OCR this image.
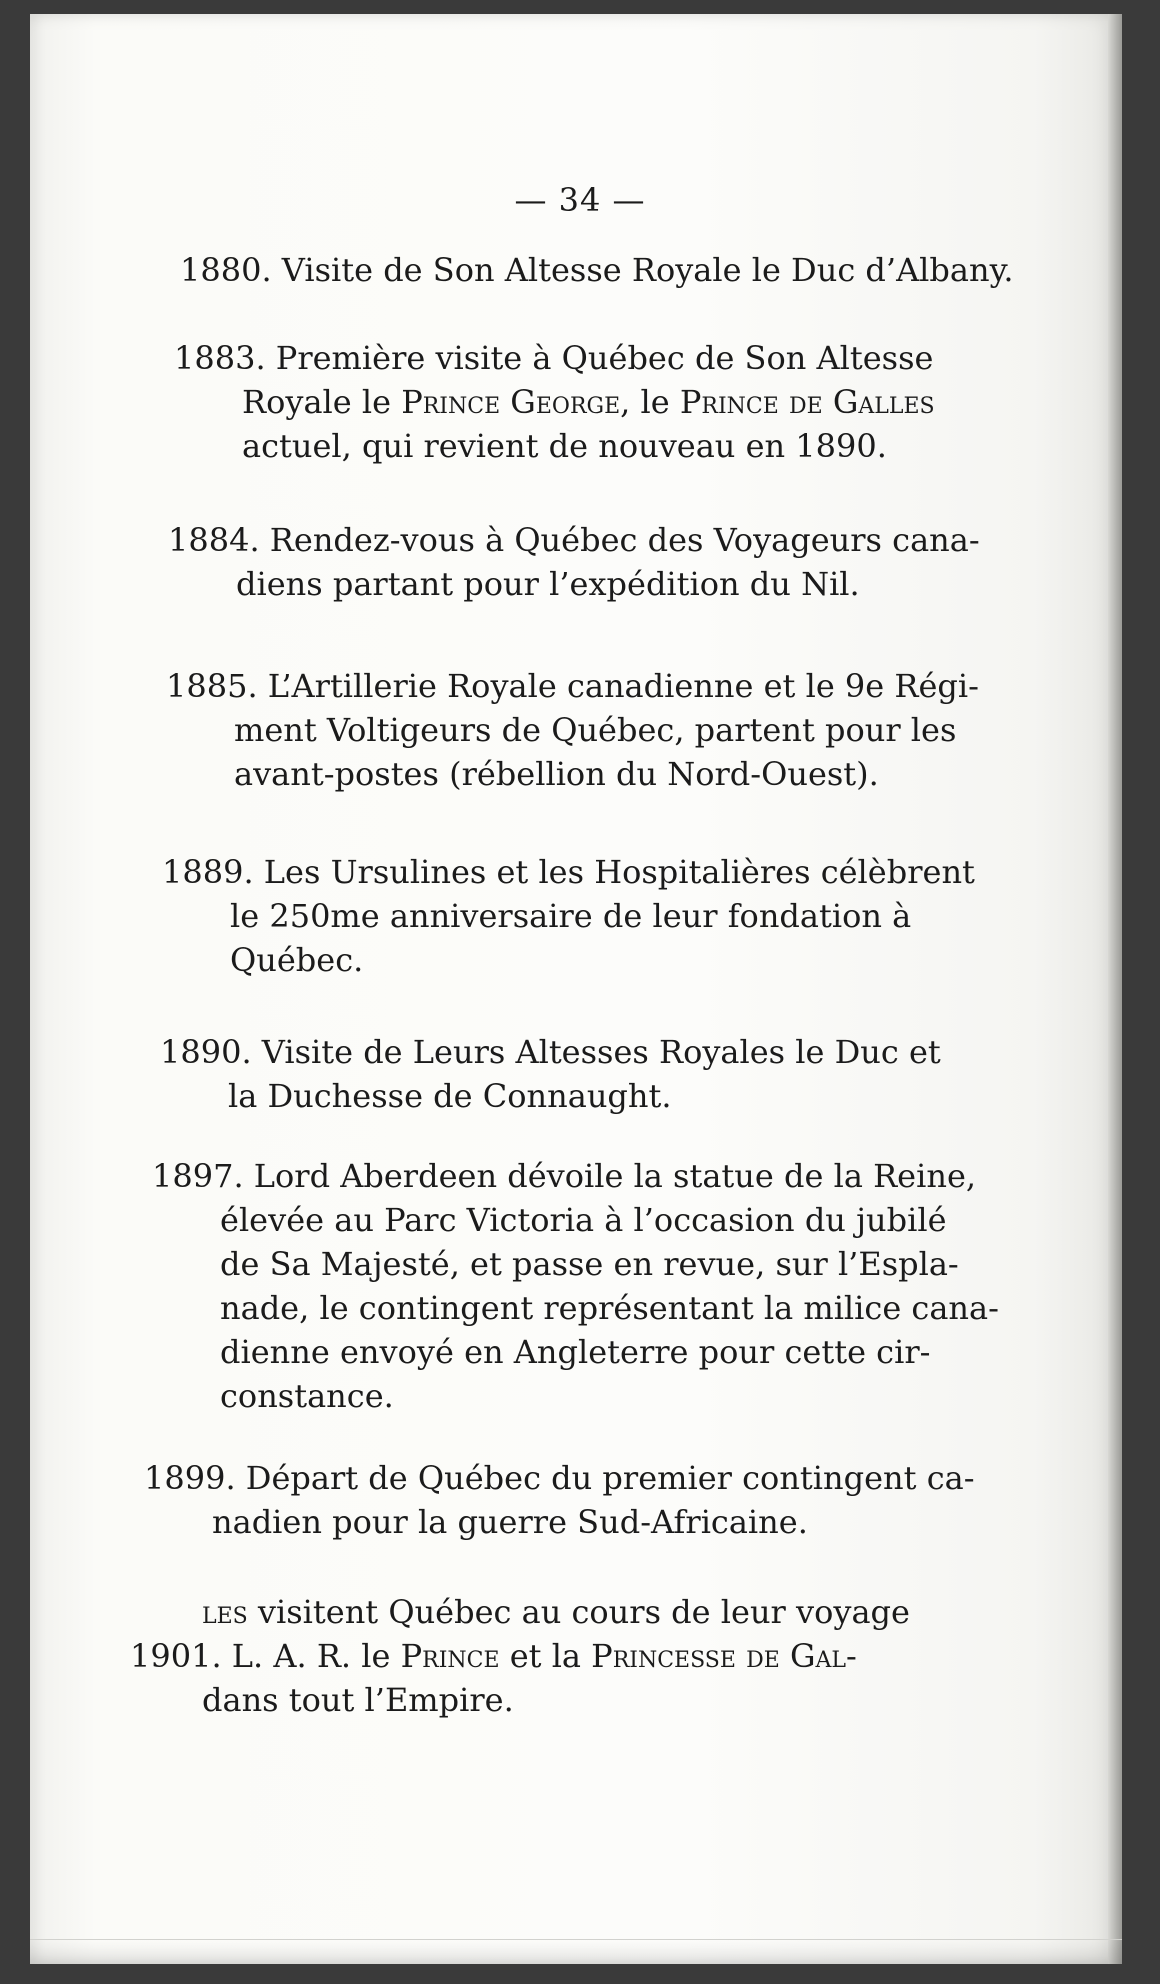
— 34 —
1880. Visite de Son Altesse Royale le Duc d’Albany.
1883. Première visite à Québec de Son Altesse
Royale le Prince George, le Prince de Galles
actuel, qui revient de nouveau en 1890.
1884. Rendez-vous à Québec des Voyageurs cana-
diens partant pour l’expédition du Nil.
1885. L’Artillerie Royale canadienne et le 9e Régi-
ment Voltigeurs de Québec, partent pour les
avant-postes (rébellion du Nord-Ouest).
1889. Les Ursulines et les Hospitalières célèbrent
le 250me anniversaire de leur fondation à
Québec.
1890. Visite de Leurs Altesses Royales le Duc et
la Duchesse de Connaught.
1897. Lord Aberdeen dévoile la statue de la Reine,
élevée au Parc Victoria à l’occasion du jubilé
de Sa Majesté, et passe en revue, sur l’Espla-
nade, le contingent représentant la milice cana-
dienne envoyé en Angleterre pour cette cir-
constance.
1899. Départ de Québec du premier contingent ca-
nadien pour la guerre Sud-Africaine.
les visitent Québec au cours de leur voyage
1901. L. A. R. le Prince et la Princesse de Gal-
dans tout l’Empire.
